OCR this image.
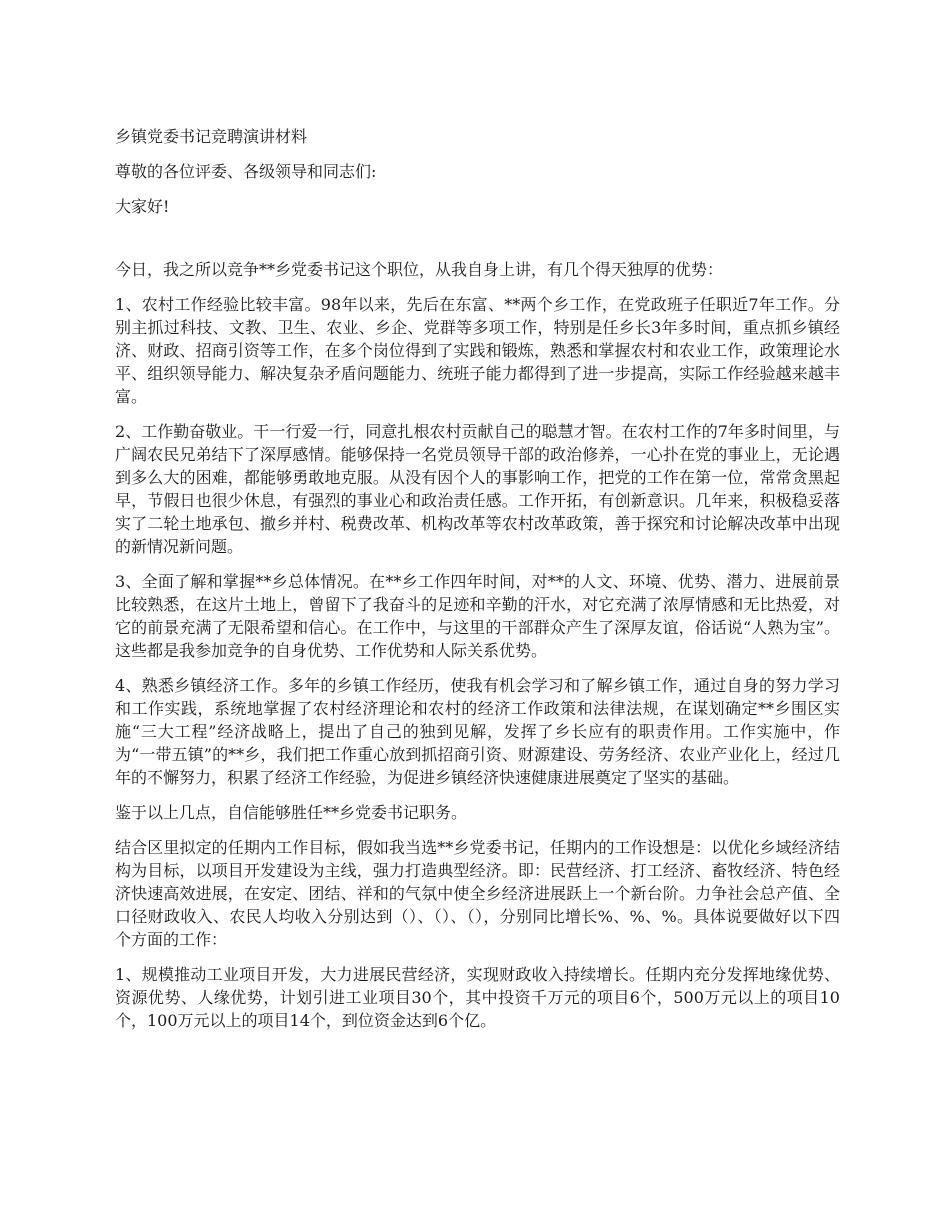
乡镇党委书记竞聘演讲材料

尊敬的各位评委、各级领导和同志们:

大家好!

今日，我之所以竞争**乡党委书记这个职位，从我自身上讲，有几个得天独厚的优势：

1、农村工作经验比较丰富。98年以来，先后在东富、**两个乡工作，在党政班子任职近7年工作。分别主抓过科技、文教、卫生、农业、乡企、党群等多项工作，特别是任乡长3年多时间，重点抓乡镇经济、财政、招商引资等工作，在多个岗位得到了实践和锻炼，熟悉和掌握农村和农业工作，政策理论水平、组织领导能力、解决复杂矛盾问题能力、统班子能力都得到了进一步提高，实际工作经验越来越丰富。

2、工作勤奋敬业。干一行爱一行，同意扎根农村贡献自己的聪慧才智。在农村工作的7年多时间里，与广阔农民兄弟结下了深厚感情。能够保持一名党员领导干部的政治修养，一心扑在党的事业上，无论遇到多么大的困难，都能够勇敢地克服。从没有因个人的事影响工作，把党的工作在第一位，常常贪黑起早，节假日也很少休息，有强烈的事业心和政治责任感。工作开拓，有创新意识。几年来，积极稳妥落实了二轮土地承包、撤乡并村、税费改革、机构改革等农村改革政策，善于探究和讨论解决改革中出现的新情况新问题。

3、全面了解和掌握**乡总体情况。在**乡工作四年时间，对**的人文、环境、优势、潜力、进展前景比较熟悉，在这片土地上，曾留下了我奋斗的足迹和辛勤的汗水，对它充满了浓厚情感和无比热爱，对它的前景充满了无限希望和信心。在工作中，与这里的干部群众产生了深厚友谊，俗话说“人熟为宝”。这些都是我参加竞争的自身优势、工作优势和人际关系优势。

4、熟悉乡镇经济工作。多年的乡镇工作经历，使我有机会学习和了解乡镇工作，通过自身的努力学习和工作实践，系统地掌握了农村经济理论和农村的经济工作政策和法律法规，在谋划确定**乡围区实施“三大工程”经济战略上，提出了自己的独到见解，发挥了乡长应有的职责作用。工作实施中，作为“一带五镇”的**乡，我们把工作重心放到抓招商引资、财源建设、劳务经济、农业产业化上，经过几年的不懈努力，积累了经济工作经验，为促进乡镇经济快速健康进展奠定了坚实的基础。

鉴于以上几点，自信能够胜任**乡党委书记职务。

结合区里拟定的任期内工作目标，假如我当选**乡党委书记，任期内的工作设想是：以优化乡域经济结构为目标，以项目开发建设为主线，强力打造典型经济。即：民营经济、打工经济、畜牧经济、特色经济快速高效进展，在安定、团结、祥和的气氛中使全乡经济进展跃上一个新台阶。力争社会总产值、全口径财政收入、农民人均收入分别达到（）、（）、（），分别同比增长%、%、%。具体说要做好以下四个方面的工作：

1、规模推动工业项目开发，大力进展民营经济，实现财政收入持续增长。任期内充分发挥地缘优势、资源优势、人缘优势，计划引进工业项目30个，其中投资千万元的项目6个，500万元以上的项目10个，100万元以上的项目14个，到位资金达到6个亿。
